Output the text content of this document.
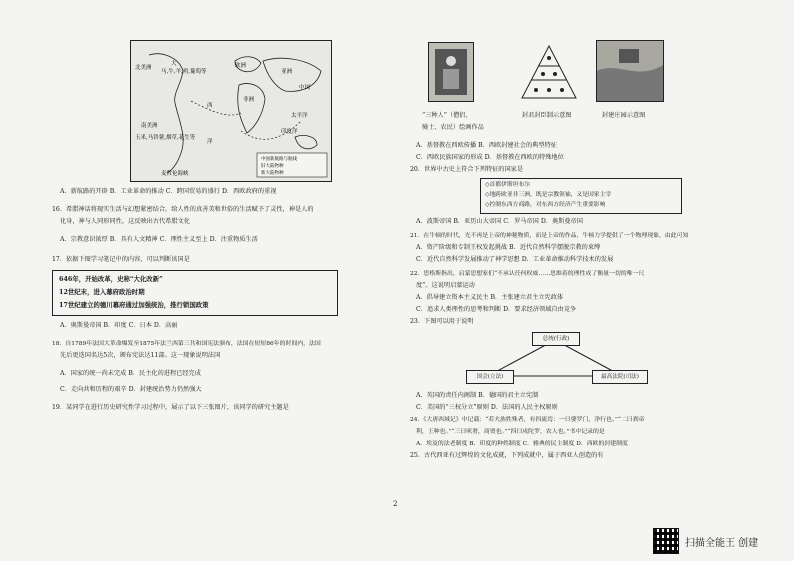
大	欧洲
马,牛,羊,鸡,葡萄等
北美洲
南美洲
玉米,马铃薯,烟草,花生等
麦哲伦海峡
非洲
亚洲
中国
太平洋
印度洋
西
洋
中国新航路与航线
旧大陆物种
新大陆物种
A．新航路的开辟 B．工业革命的推动 C．跨国贸易的盛行 D．西欧政府的重视
16．希腊神话将现实生活与幻想紧密结合，给人性的真善美和世俗的生活赋予了灵性，神是人的
化身，神与人同形同性，这反映出古代希腊文化
A．宗教意识浓厚 B．具有人文精神 C．理性主义至上 D．注重物质生活
17．依据下图学习笔记中的内容，可以判断该国是
646年，开始改革，史称“大化改新”
12世纪末，进入幕府政治时期
17世纪建立的德川幕府通过加强统治，推行锁国政策
A．奥斯曼帝国 B．印度 C．日本 D．高丽
18．自1789年法国大革命爆发至1875年法兰西第三共和国宪法颁布，法国在短短86年的时间内，法国
先后更迭国名达5次，颁布宪法达11部。这一现象说明法国
A．国家的统一尚未完成 B．民主化的进程已经完成
C．走向共和历程的艰辛 D．封建统治势力仍然强大
19．某同学在进行历史研究性学习过程中，展示了以下三张图片，该同学的研究主题是
“三种人”（僧侣、	封君封臣制示意图	封建庄园示意图
骑士、农民）绘画作品
A．基督教在西欧传播 B．西欧封建社会的典型特征
C．西欧民族国家的形成 D．基督教在西欧的特殊地位
20．世界中古史上符合下列特征的国家是
◇首都伊斯坦布尔
◇地跨欧亚非三洲，既是宗教领袖，又是国家主宰
◇控制东西方商路，对东西方经济产生重要影响
A．波斯帝国 B．亚历山大帝国 C．罗马帝国 D．奥斯曼帝国
21．在牛顿的时代，光不再是上帝的神秘物质，而是上帝的作品，牛顿力学提供了一个物理现象，由此可知
A．资产阶级和专制王权发起挑战 B．近代自然科学摆脱宗教的束缚
C．近代自然科学发展推动了神学思想 D．工业革命推动科学技术的发展
22．思格斯指出，启蒙思想家们“不承认任何权威……思维着的理性成了衡量一切的唯一尺
度”。这说明启蒙运动
A．倡导建立资本主义民主 B．主张建立君主立宪政体
C．追求人类理性的思考和判断 D．要求经济领域自由竞争
23．下图可以用于说明
总统(行政)
国会(立法)	最高法院(司法)
A．英国的责任内阁制 B．德国的君主立宪制
C．美国的“三权分立”原则 D．法国的人民主权原则
24．《大唐西域记》中记载：“若夫族姓殊者，有四流焉：一曰婆罗门，净行也。”“二曰刹帝
利，王种也。”“三曰吠奢，商贾也。”“四曰戍陀罗，农人也。”书中记录的是
A．埃及的法老制度 B．印度的种姓制度 C．雅典的民主制度 D．西欧的封建制度
25．古代西亚有过辉煌的文化成就，下列成就中，属于西亚人创造的有
2
扫描全能王 创建
